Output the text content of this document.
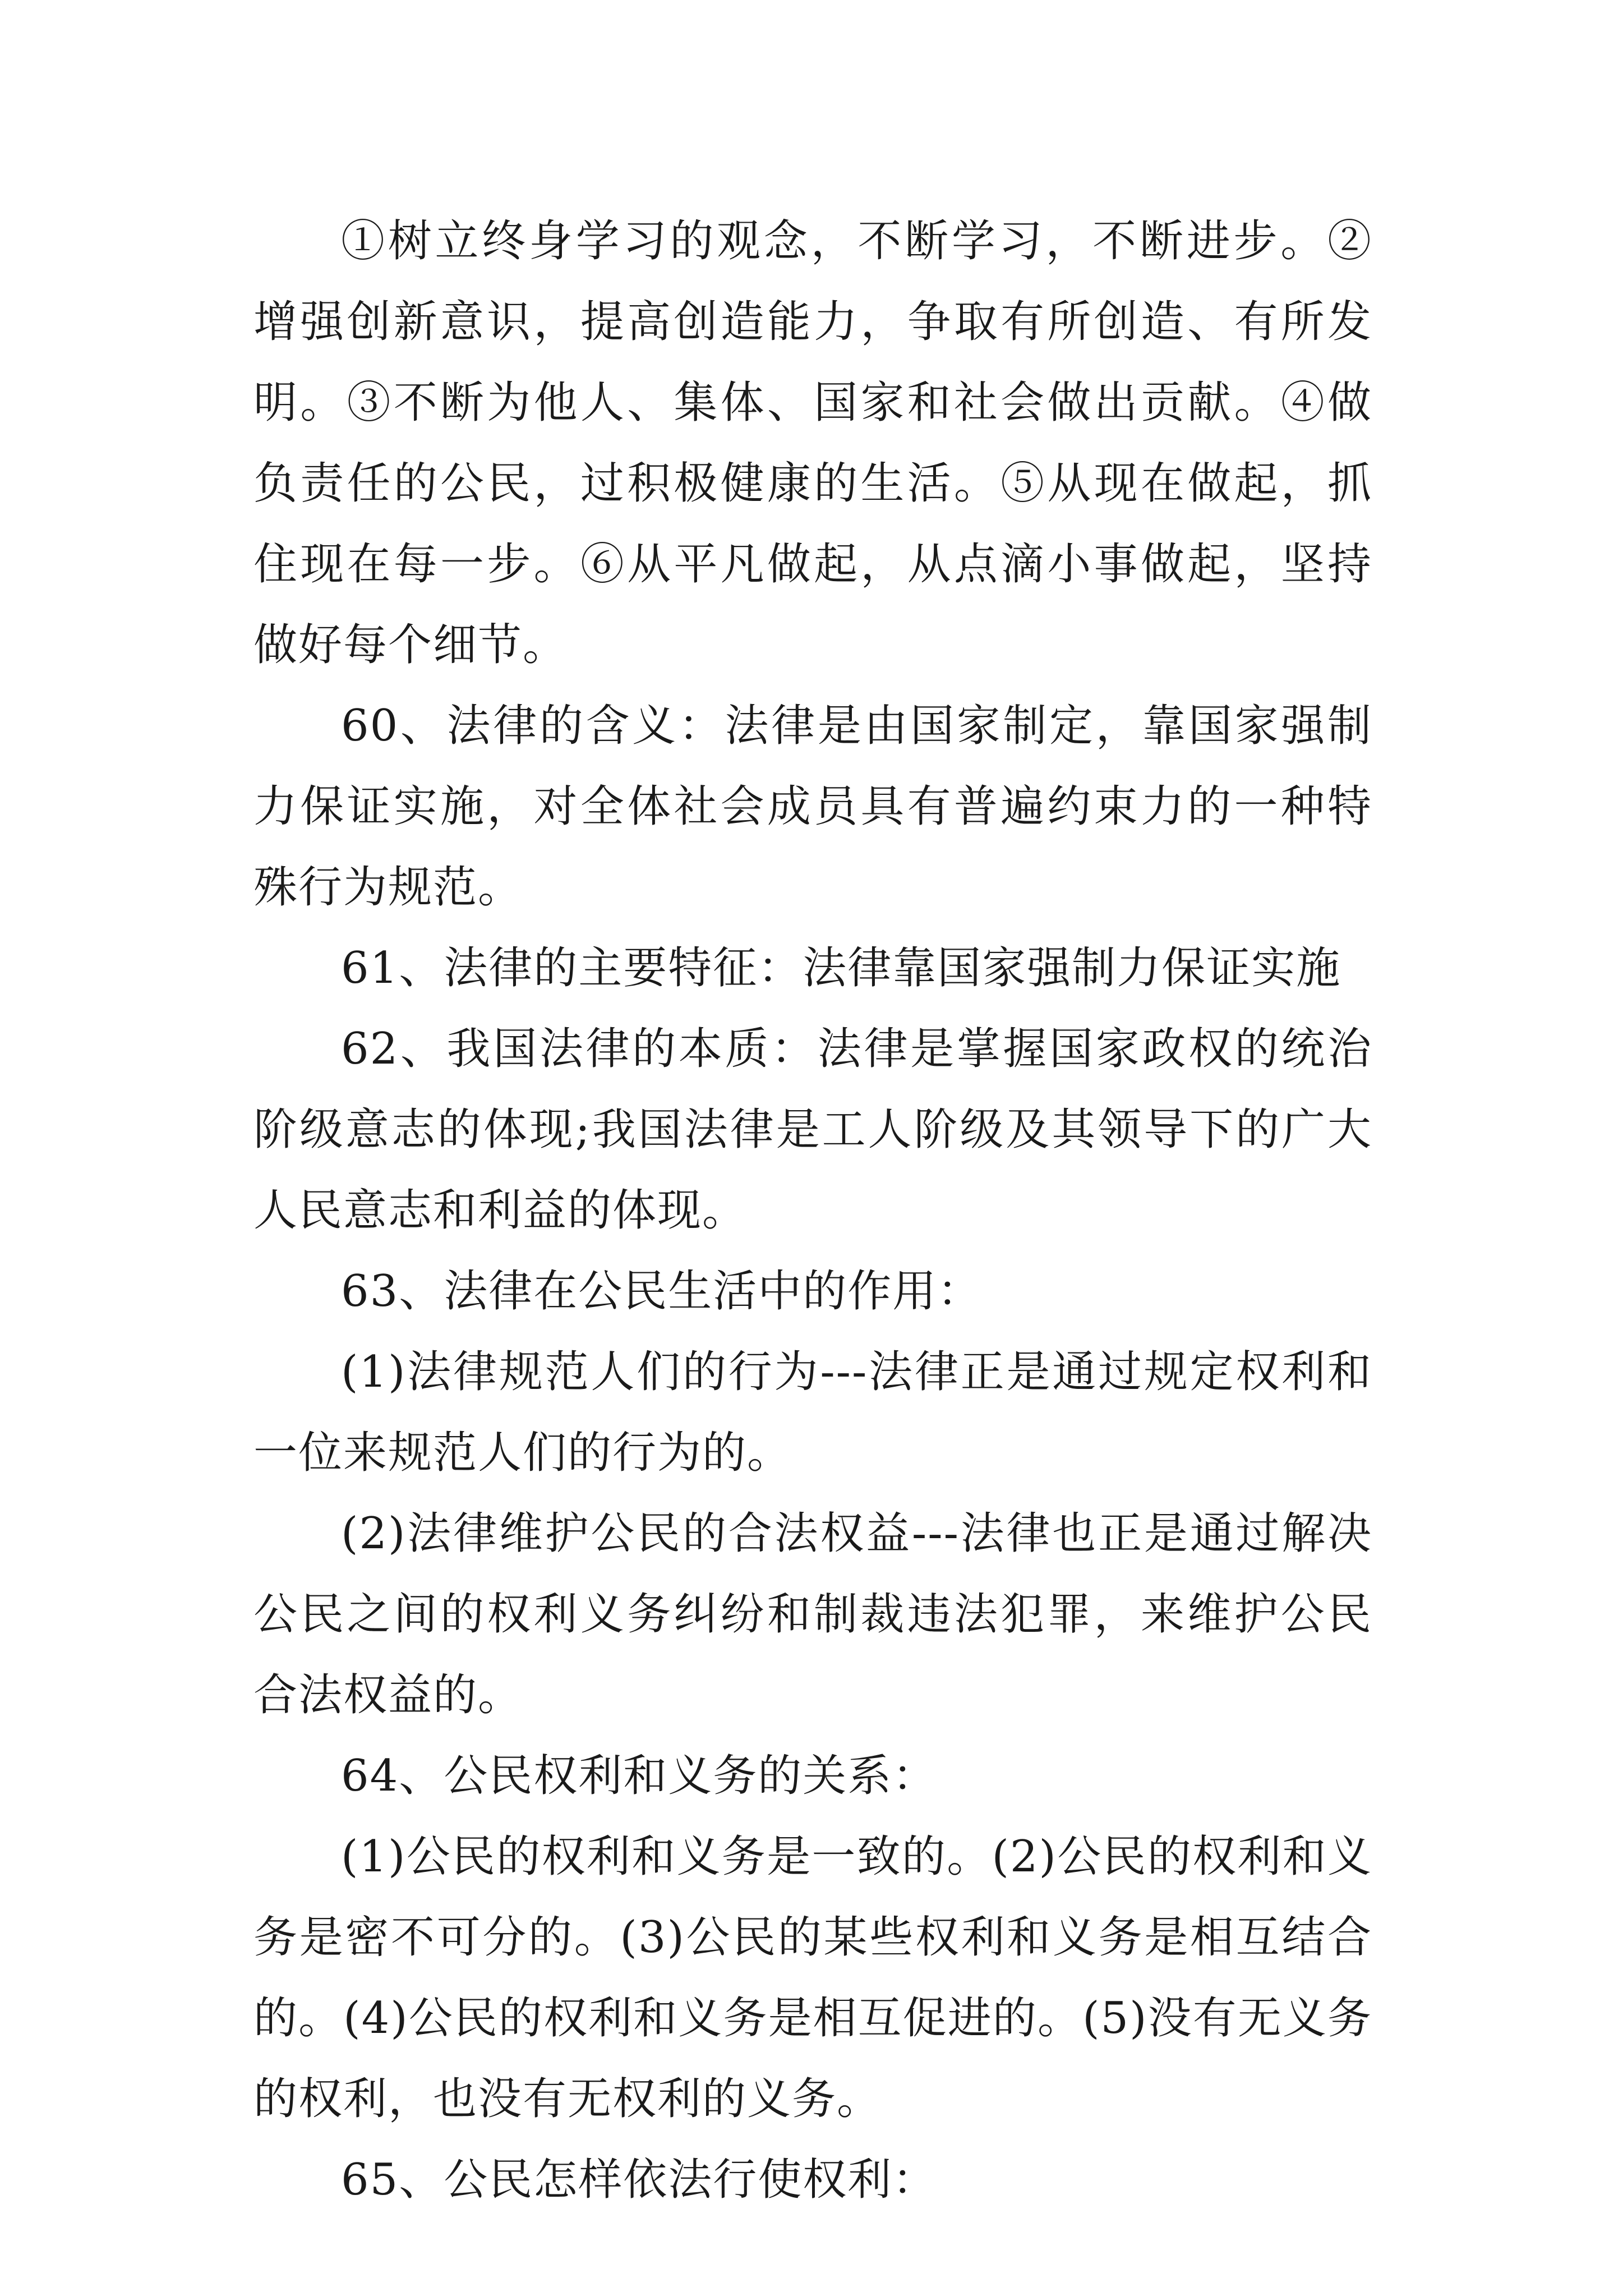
①树立终身学习的观念，不断学习，不断进步。②增强创新意识，提高创造能力，争取有所创造、有所发明。③不断为他人、集体、国家和社会做出贡献。④做负责任的公民，过积极健康的生活。⑤从现在做起，抓住现在每一步。⑥从平凡做起，从点滴小事做起，坚持做好每个细节。

60、法律的含义：法律是由国家制定，靠国家强制力保证实施，对全体社会成员具有普遍约束力的一种特殊行为规范。

61、法律的主要特征：法律靠国家强制力保证实施

62、我国法律的本质：法律是掌握国家政权的统治阶级意志的体现;我国法律是工人阶级及其领导下的广大人民意志和利益的体现。

63、法律在公民生活中的作用：

(1)法律规范人们的行为---法律正是通过规定权利和一位来规范人们的行为的。

(2)法律维护公民的合法权益---法律也正是通过解决公民之间的权利义务纠纷和制裁违法犯罪，来维护公民合法权益的。

64、公民权利和义务的关系：

(1)公民的权利和义务是一致的。(2)公民的权利和义务是密不可分的。(3)公民的某些权利和义务是相互结合的。(4)公民的权利和义务是相互促进的。(5)没有无义务的权利，也没有无权利的义务。

65、公民怎样依法行使权利：
